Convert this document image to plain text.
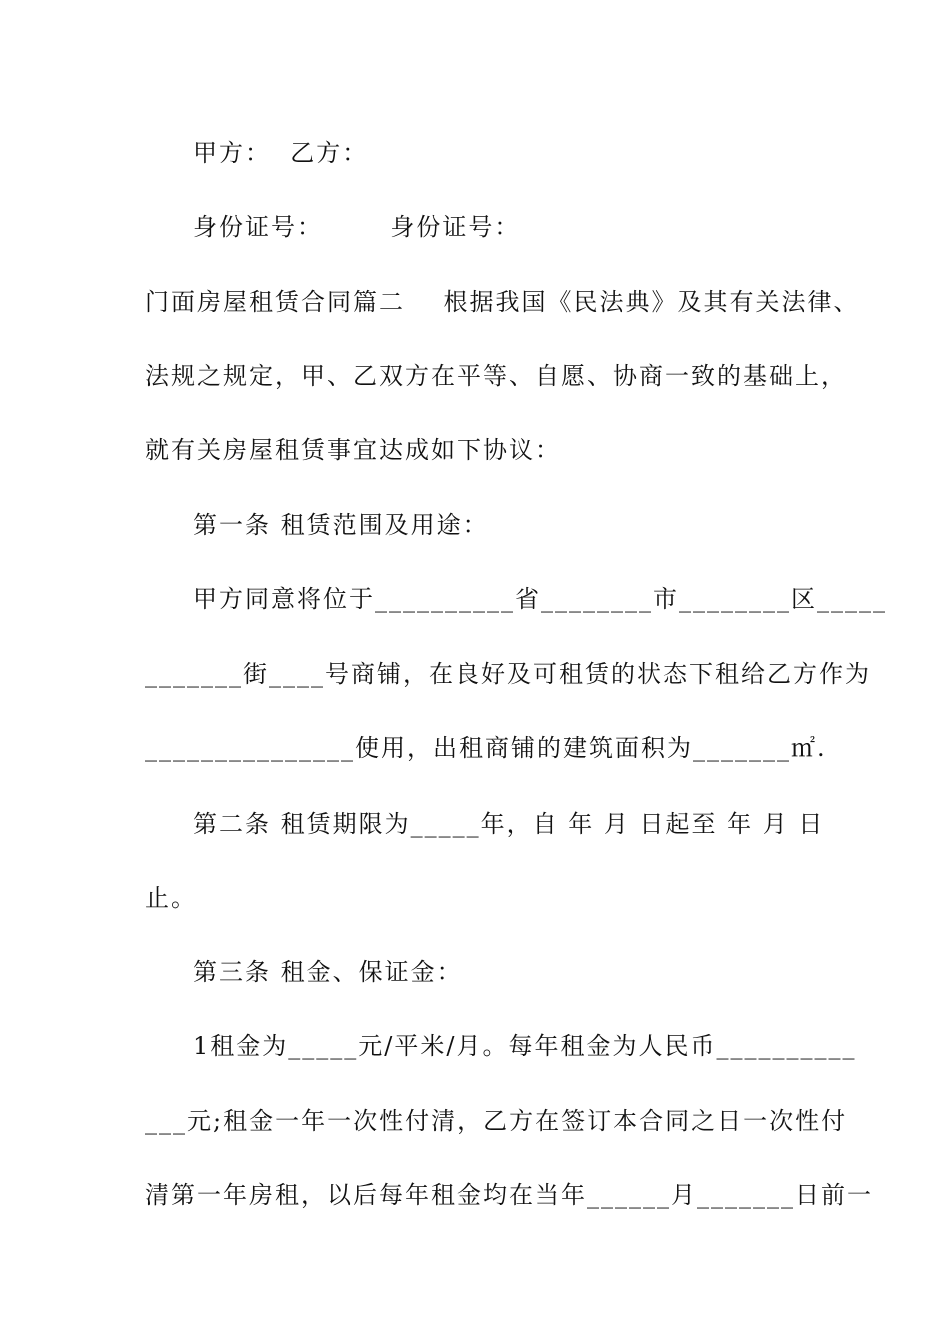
甲方：  乙方：
身份证号：       身份证号：
门面房屋租赁合同篇二    根据我国《民法典》及其有关法律、
法规之规定，甲、乙双方在平等、自愿、协商一致的基础上，
就有关房屋租赁事宜达成如下协议：
第一条 租赁范围及用途：
甲方同意将位于__________省________市________区_____
_______街____号商铺，在良好及可租赁的状态下租给乙方作为
_______________使用，出租商铺的建筑面积为_______㎡.
第二条 租赁期限为_____年，自 年 月 日起至 年 月 日
止。
第三条 租金、保证金：
1租金为_____元/平米/月。每年租金为人民币__________
___元;租金一年一次性付清，乙方在签订本合同之日一次性付
清第一年房租，以后每年租金均在当年______月_______日前一
